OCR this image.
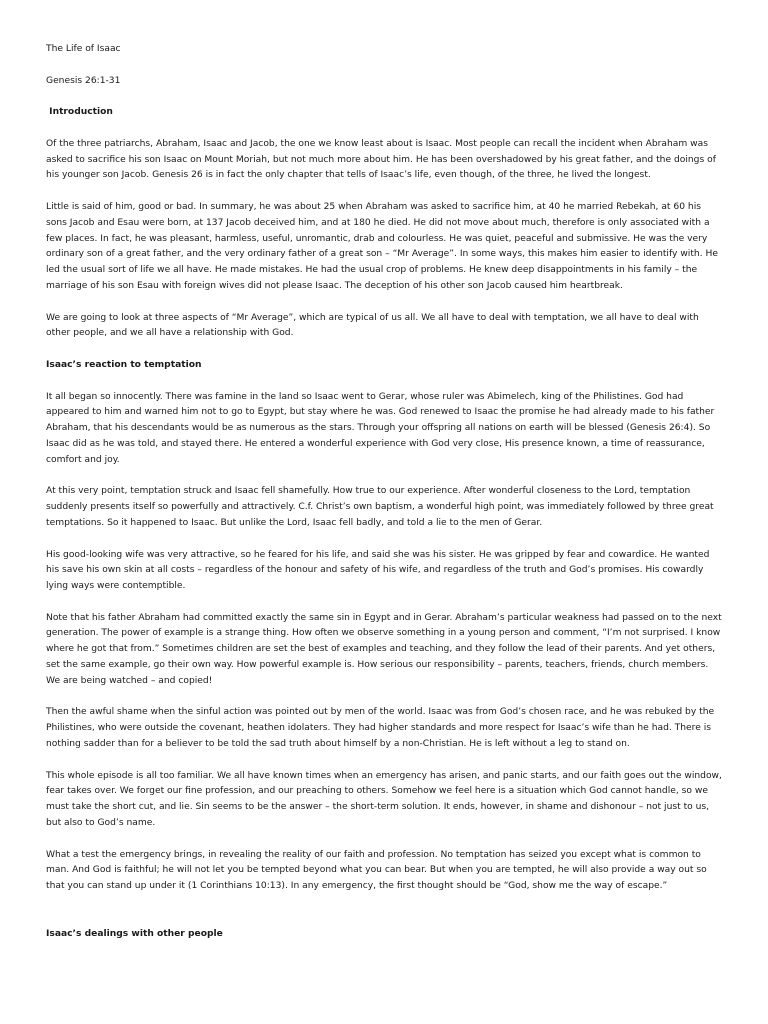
The Life of Isaac

Genesis 26:1-31

Introduction

Of the three patriarchs, Abraham, Isaac and Jacob, the one we know least about is Isaac. Most people can recall the incident when Abraham was asked to sacrifice his son Isaac on Mount Moriah, but not much more about him. He has been overshadowed by his great father, and the doings of his younger son Jacob. Genesis 26 is in fact the only chapter that tells of Isaac’s life, even though, of the three, he lived the longest.

Little is said of him, good or bad. In summary, he was about 25 when Abraham was asked to sacrifice him, at 40 he married Rebekah, at 60 his sons Jacob and Esau were born, at 137 Jacob deceived him, and at 180 he died. He did not move about much, therefore is only associated with a few places. In fact, he was pleasant, harmless, useful, unromantic, drab and colourless. He was quiet, peaceful and submissive. He was the very ordinary son of a great father, and the very ordinary father of a great son – “Mr Average”. In some ways, this makes him easier to identify with. He led the usual sort of life we all have. He made mistakes. He had the usual crop of problems. He knew deep disappointments in his family – the marriage of his son Esau with foreign wives did not please Isaac. The deception of his other son Jacob caused him heartbreak.

We are going to look at three aspects of “Mr Average”, which are typical of us all. We all have to deal with temptation, we all have to deal with other people, and we all have a relationship with God.

Isaac’s reaction to temptation

It all began so innocently. There was famine in the land so Isaac went to Gerar, whose ruler was Abimelech, king of the Philistines. God had appeared to him and warned him not to go to Egypt, but stay where he was. God renewed to Isaac the promise he had already made to his father Abraham, that his descendants would be as numerous as the stars. Through your offspring all nations on earth will be blessed (Genesis 26:4). So Isaac did as he was told, and stayed there. He entered a wonderful experience with God very close, His presence known, a time of reassurance, comfort and joy.

At this very point, temptation struck and Isaac fell shamefully. How true to our experience. After wonderful closeness to the Lord, temptation suddenly presents itself so powerfully and attractively. C.f. Christ’s own baptism, a wonderful high point, was immediately followed by three great temptations. So it happened to Isaac. But unlike the Lord, Isaac fell badly, and told a lie to the men of Gerar.

His good-looking wife was very attractive, so he feared for his life, and said she was his sister. He was gripped by fear and cowardice. He wanted his save his own skin at all costs – regardless of the honour and safety of his wife, and regardless of the truth and God’s promises. His cowardly lying ways were contemptible.

Note that his father Abraham had committed exactly the same sin in Egypt and in Gerar. Abraham’s particular weakness had passed on to the next generation. The power of example is a strange thing. How often we observe something in a young person and comment, “I’m not surprised. I know where he got that from.” Sometimes children are set the best of examples and teaching, and they follow the lead of their parents. And yet others, set the same example, go their own way. How powerful example is. How serious our responsibility – parents, teachers, friends, church members. We are being watched – and copied!

Then the awful shame when the sinful action was pointed out by men of the world. Isaac was from God’s chosen race, and he was rebuked by the Philistines, who were outside the covenant, heathen idolaters. They had higher standards and more respect for Isaac’s wife than he had. There is nothing sadder than for a believer to be told the sad truth about himself by a non-Christian. He is left without a leg to stand on.

This whole episode is all too familiar. We all have known times when an emergency has arisen, and panic starts, and our faith goes out the window, fear takes over. We forget our fine profession, and our preaching to others. Somehow we feel here is a situation which God cannot handle, so we must take the short cut, and lie. Sin seems to be the answer – the short-term solution. It ends, however, in shame and dishonour – not just to us, but also to God’s name.

What a test the emergency brings, in revealing the reality of our faith and profession. No temptation has seized you except what is common to man. And God is faithful; he will not let you be tempted beyond what you can bear. But when you are tempted, he will also provide a way out so that you can stand up under it (1 Corinthians 10:13). In any emergency, the first thought should be “God, show me the way of escape.”

Isaac’s dealings with other people
